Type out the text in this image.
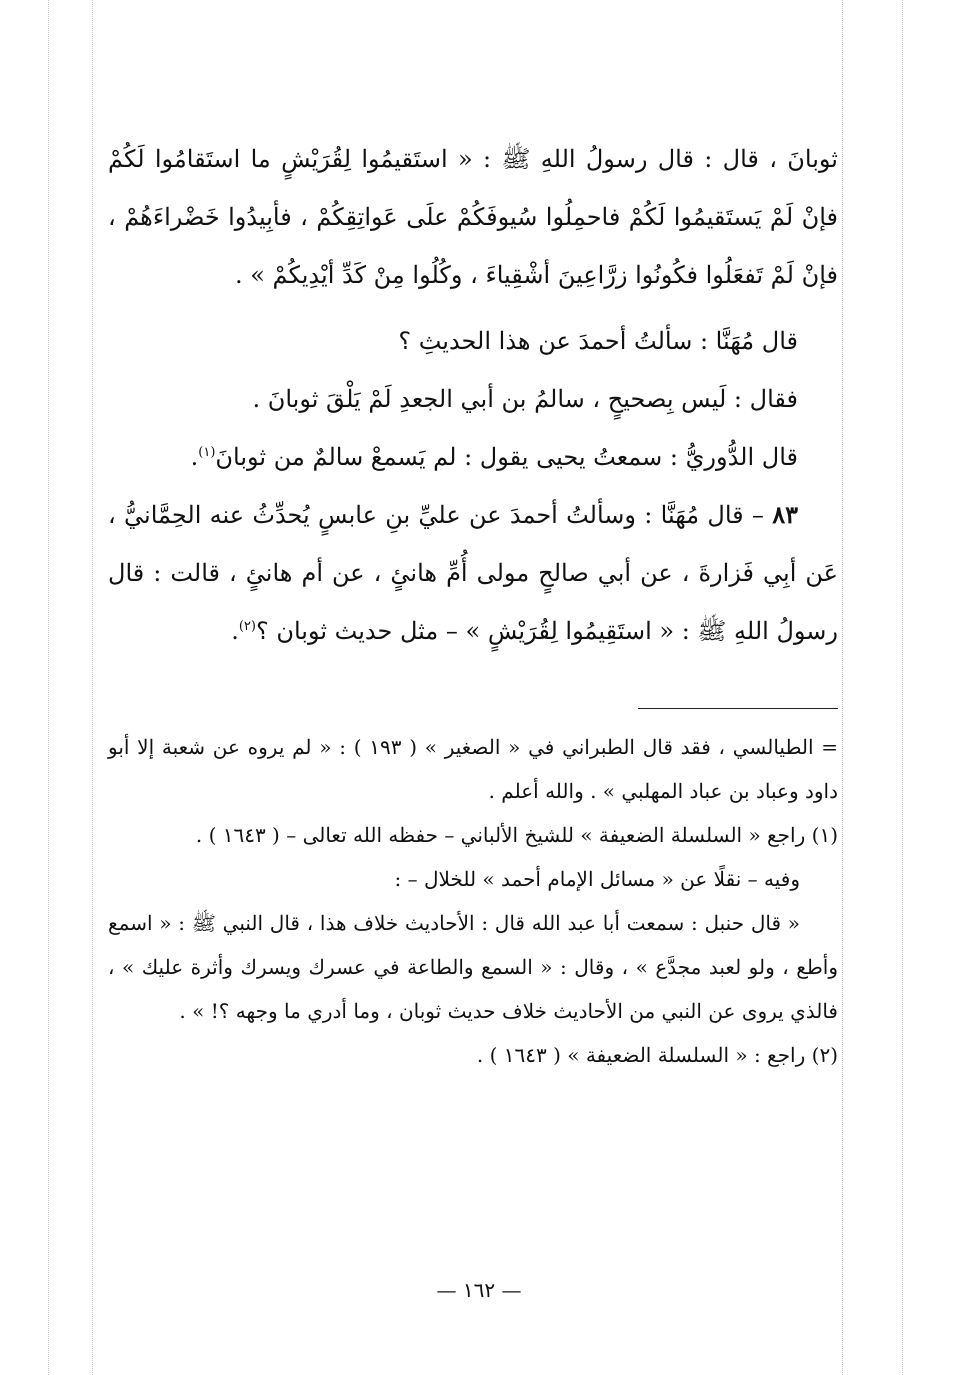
ثوبانَ ، قال : قال رسولُ اللهِ ﷺ : « استَقيمُوا لِقُرَيْشٍ ما استَقامُوا لَكُمْ فإنْ لَمْ يَستَقيمُوا لَكُمْ فاحمِلُوا سُيوفَكُمْ علَى عَواتِقِكُمْ ، فأبِيدُوا خَضْراءَهُمْ ، فإنْ لَمْ تَفعَلُوا فكُونُوا زرَّاعِينَ أشْقِياءَ ، وكُلُوا مِنْ كَدِّ أيْدِيكُمْ » .

قال مُهَنَّا : سألتُ أحمدَ عن هذا الحديثِ ؟

فقال : لَيس بِصحيحٍ ، سالمُ بن أبي الجعدِ لَمْ يَلْقَ ثوبانَ .

قال الدُّوريُّ : سمعتُ يحيى يقول : لم يَسمعْ سالمٌ من ثوبانَ$^{(١)}$.

٨٣ – قال مُهَنَّا : وسألتُ أحمدَ عن عليِّ بنِ عابسٍ يُحدِّثُ عنه الحِمَّانيُّ ، عَن أبِي فَزارةَ ، عن أبي صالحٍ مولى أُمِّ هانئٍ ، عن أم هانئٍ ، قالت : قال رسولُ اللهِ ﷺ : « استَقِيمُوا لِقُرَيْشٍ » – مثل حديث ثوبان ؟$^{(٢)}$.

= الطيالسي ، فقد قال الطبراني في « الصغير » ( ١٩٣ ) : « لم يروه عن شعبة إلا أبو داود وعباد بن عباد المهلبي » . والله أعلم .

(١) راجع « السلسلة الضعيفة » للشيخ الألباني – حفظه الله تعالى – ( ١٦٤٣ ) .

وفيه – نقلًا عن « مسائل الإمام أحمد » للخلال – :

« قال حنبل : سمعت أبا عبد الله قال : الأحاديث خلاف هذا ، قال النبي ﷺ : « اسمع وأطع ، ولو لعبد مجدَّع » ، وقال : « السمع والطاعة في عسرك ويسرك وأثرة عليك » ، فالذي يروى عن النبي من الأحاديث خلاف حديث ثوبان ، وما أدري ما وجهه ؟! » .

(٢) راجع : « السلسلة الضعيفة » ( ١٦٤٣ ) .

— ١٦٢ —
